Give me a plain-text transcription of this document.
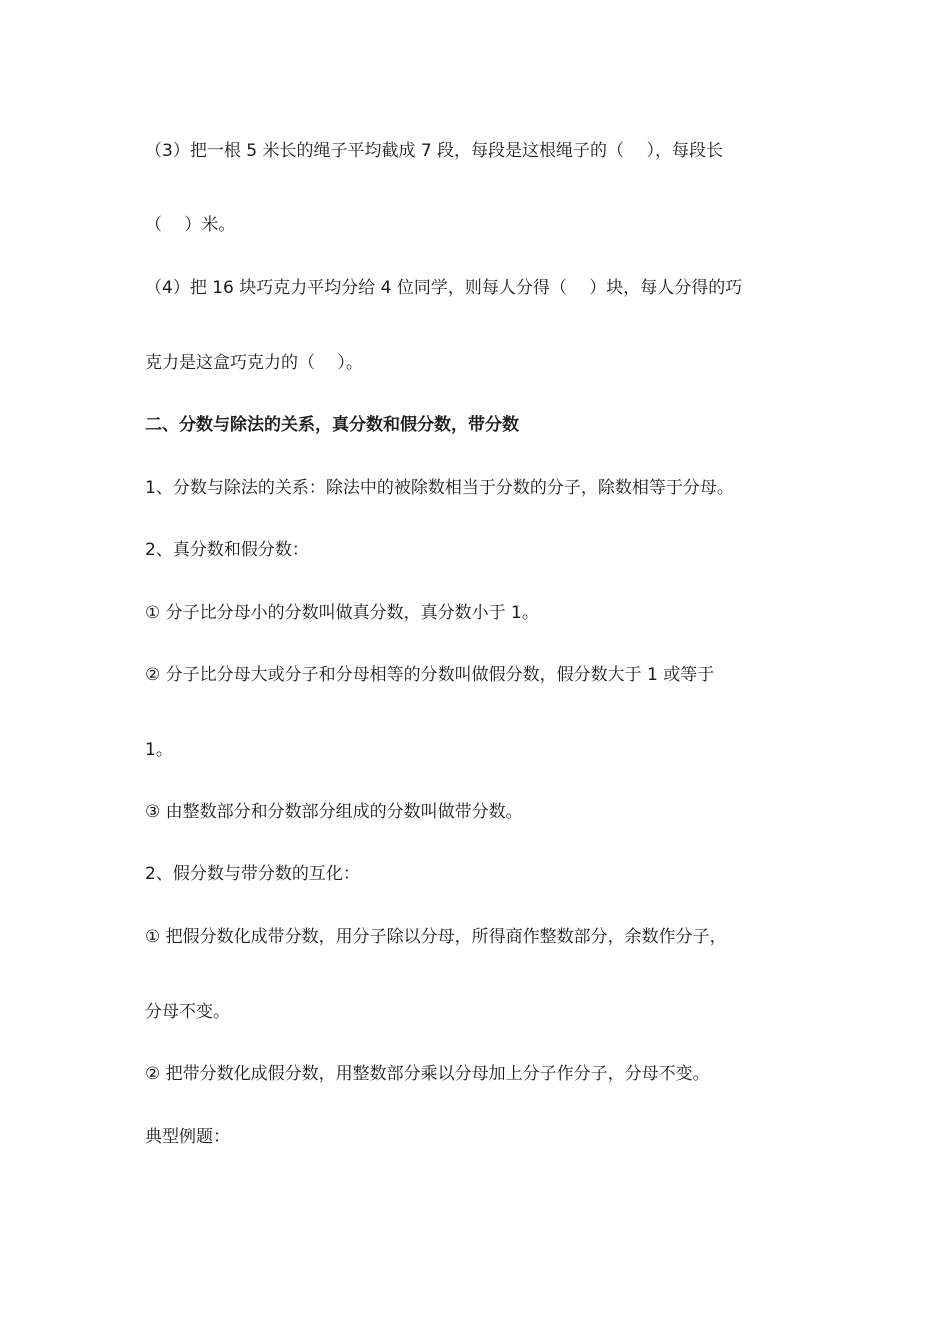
（3）把一根 5 米长的绳子平均截成 7 段，每段是这根绳子的（　 ），每段长

（　 ）米。

（4）把 16 块巧克力平均分给 4 位同学，则每人分得（　 ）块，每人分得的巧

克力是这盒巧克力的（　 ）。

二、分数与除法的关系，真分数和假分数，带分数

1、分数与除法的关系：除法中的被除数相当于分数的分子，除数相等于分母。

2、真分数和假分数：

① 分子比分母小的分数叫做真分数，真分数小于 1。

② 分子比分母大或分子和分母相等的分数叫做假分数，假分数大于 1 或等于

1。

③ 由整数部分和分数部分组成的分数叫做带分数。

2、假分数与带分数的互化：

① 把假分数化成带分数，用分子除以分母，所得商作整数部分，余数作分子，

分母不变。

② 把带分数化成假分数，用整数部分乘以分母加上分子作分子，分母不变。

典型例题：
